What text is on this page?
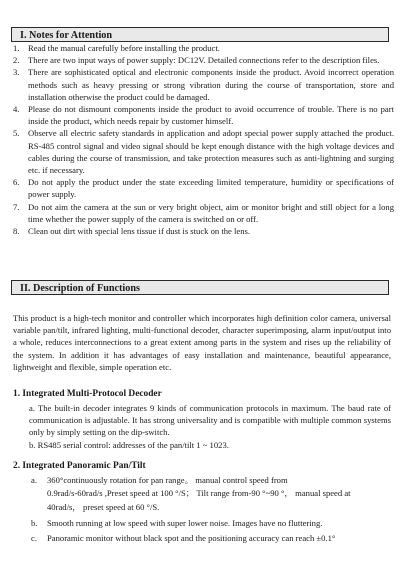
I. Notes for Attention
1. Read the manual carefully before installing the product.
2. There are two input ways of power supply: DC12V. Detailed connections refer to the description files.
3. There are sophisticated optical and electronic components inside the product. Avoid incorrect operation methods such as heavy pressing or strong vibration during the course of transportation, store and installation otherwise the product could be damaged.
4. Please do not dismount components inside the product to avoid occurrence of trouble. There is no part inside the product, which needs repair by customer himself.
5. Observe all electric safety standards in application and adopt special power supply attached the product. RS-485 control signal and video signal should be kept enough distance with the high voltage devices and cables during the course of transmission, and take protection measures such as anti-lightning and surging etc. if necessary.
6. Do not apply the product under the state exceeding limited temperature, humidity or specifications of power supply.
7. Do not aim the camera at the sun or very bright object, aim or monitor bright and still object for a long time whether the power supply of the camera is switched on or off.
8. Clean out dirt with special lens tissue if dust is stuck on the lens.
II. Description of Functions

This product is a high-tech monitor and controller which incorporates high definition color camera, universal variable pan/tilt, infrared lighting, multi-functional decoder, character superimposing, alarm input/output into a whole, reduces interconnections to a great extent among parts in the system and rises up the reliability of the system. In addition it has advantages of easy installation and maintenance, beautiful appearance, lightweight and flexible, simple operation etc.

1. Integrated Multi-Protocol Decoder

a. The built-in decoder integrates 9 kinds of communication protocols in maximum. The baud rate of communication is adjustable. It has strong universality and is compatible with multiple common systems only by simply setting on the dip-switch.

b. RS485 serial control: addresses of the pan/tilt 1 ~ 1023.

2. Integrated Panoramic Pan/Tilt
a. 360°continuously rotation for pan range。 manual control speed from
0.9rad/s-60rad/s ,Preset speed at 100 °/S； Tilt range from-90 °~90 °， manual speed at
40rad/s， preset speed at 60 °/S.
b. Smooth running at low speed with super lower noise. Images have no fluttering.
c. Panoramic monitor without black spot and the positioning accuracy can reach ±0.1°
